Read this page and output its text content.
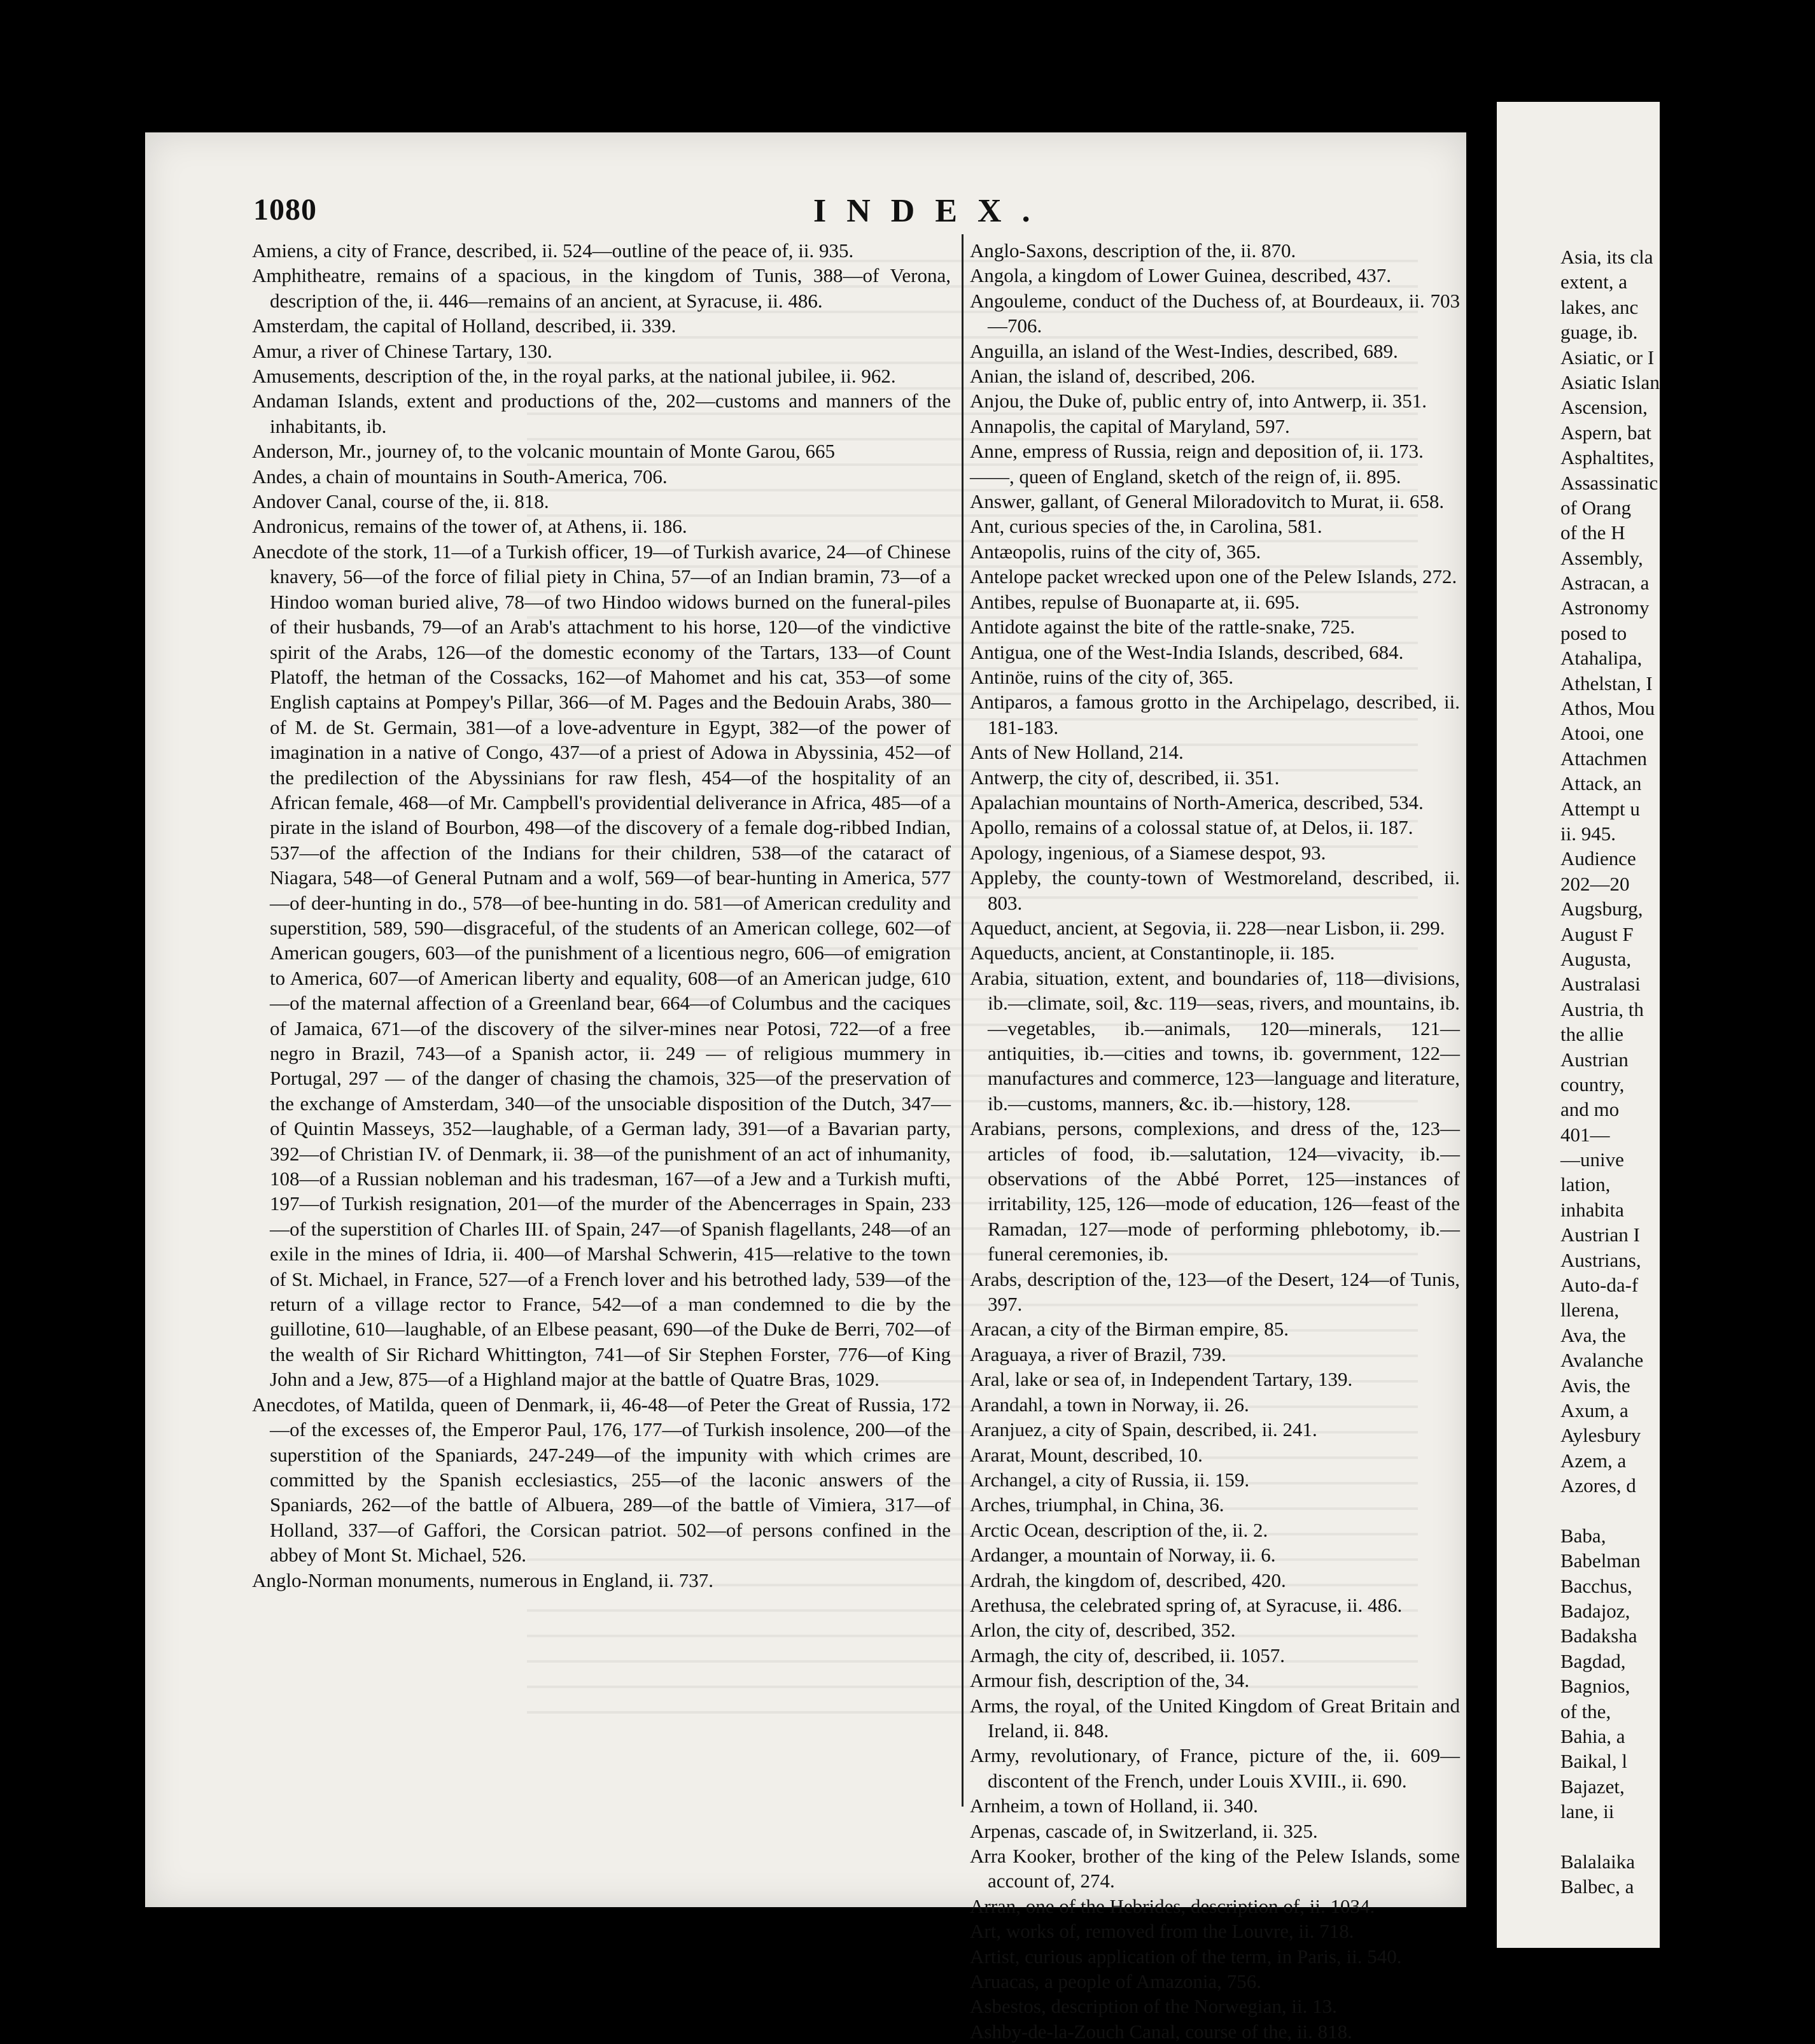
Asia, its cla
extent, a
lakes, anc
guage, ib.
Asiatic, or I
Asiatic Islan
Ascension,
Aspern, bat
Asphaltites,
Assassinatic
of Orang
of the H
Assembly,
Astracan, a
Astronomy
posed to
Atahalipa,
Athelstan, I
Athos, Mou
Atooi, one
Attachmen
Attack, an
Attempt u
ii. 945.
Audience
202—20
Augsburg,
August F
Augusta,
Australasi
Austria, th
the allie
Austrian
country,
and mo
401—
—unive
lation,
inhabita
Austrian I
Austrians,
Auto-da-f
llerena,
Ava, the
Avalanche
Avis, the
Axum, a
Aylesbury
Azem, a
Azores, d
Baba,
Babelman
Bacchus,
Badajoz,
Badaksha
Bagdad,
Bagnios,
of the,
Bahia, a
Baikal, l
Bajazet,
lane, ii
Balalaika
Balbec, a
1080	INDEX.

Amiens, a city of France, described, ii. 524—outline of the peace of, ii. 935.

Amphitheatre, remains of a spacious, in the kingdom of Tunis, 388—of Verona, description of the, ii. 446—remains of an ancient, at Syracuse, ii. 486.

Amsterdam, the capital of Holland, described, ii. 339.

Amur, a river of Chinese Tartary, 130.

Amusements, description of the, in the royal parks, at the national jubilee, ii. 962.

Andaman Islands, extent and productions of the, 202—customs and manners of the inhabitants, ib.

Anderson, Mr., journey of, to the volcanic mountain of Monte Garou, 665

Andes, a chain of mountains in South-America, 706.

Andover Canal, course of the, ii. 818.

Andronicus, remains of the tower of, at Athens, ii. 186.

Anecdote of the stork, 11—of a Turkish officer, 19—of Turkish avarice, 24—of Chinese knavery, 56—of the force of filial piety in China, 57—of an Indian bramin, 73—of a Hindoo woman buried alive, 78—of two Hindoo widows burned on the funeral-piles of their husbands, 79—of an Arab's attachment to his horse, 120—of the vindictive spirit of the Arabs, 126—of the domestic economy of the Tartars, 133—of Count Platoff, the hetman of the Cossacks, 162—of Mahomet and his cat, 353—of some English captains at Pompey's Pillar, 366—of M. Pages and the Bedouin Arabs, 380—of M. de St. Germain, 381—of a love-adventure in Egypt, 382—of the power of imagination in a native of Congo, 437—of a priest of Adowa in Abyssinia, 452—of the predilection of the Abyssinians for raw flesh, 454—of the hospitality of an African female, 468—of Mr. Campbell's providential deliverance in Africa, 485—of a pirate in the island of Bourbon, 498—of the discovery of a female dog-ribbed Indian, 537—of the affection of the Indians for their children, 538—of the cataract of Niagara, 548—of General Putnam and a wolf, 569—of bear-hunting in America, 577—of deer-hunting in do., 578—of bee-hunting in do. 581—of American credulity and superstition, 589, 590—disgraceful, of the students of an American college, 602—of American gougers, 603—of the punishment of a licentious negro, 606—of emigration to America, 607—of American liberty and equality, 608—of an American judge, 610—of the maternal affection of a Greenland bear, 664—of Columbus and the caciques of Jamaica, 671—of the discovery of the silver-mines near Potosi, 722—of a free negro in Brazil, 743—of a Spanish actor, ii. 249 — of religious mummery in Portugal, 297 — of the danger of chasing the chamois, 325—of the preservation of the exchange of Amsterdam, 340—of the unsociable disposition of the Dutch, 347—of Quintin Masseys, 352—laughable, of a German lady, 391—of a Bavarian party, 392—of Christian IV. of Denmark, ii. 38—of the punishment of an act of inhumanity, 108—of a Russian nobleman and his tradesman, 167—of a Jew and a Turkish mufti, 197—of Turkish resignation, 201—of the murder of the Abencerrages in Spain, 233—of the superstition of Charles III. of Spain, 247—of Spanish flagellants, 248—of an exile in the mines of Idria, ii. 400—of Marshal Schwerin, 415—relative to the town of St. Michael, in France, 527—of a French lover and his betrothed lady, 539—of the return of a village rector to France, 542—of a man condemned to die by the guillotine, 610—laughable, of an Elbese peasant, 690—of the Duke de Berri, 702—of the wealth of Sir Richard Whittington, 741—of Sir Stephen Forster, 776—of King John and a Jew, 875—of a Highland major at the battle of Quatre Bras, 1029.

Anecdotes, of Matilda, queen of Denmark, ii, 46-48—of Peter the Great of Russia, 172—of the excesses of, the Emperor Paul, 176, 177—of Turkish insolence, 200—of the superstition of the Spaniards, 247-249—of the impunity with which crimes are committed by the Spanish ecclesiastics, 255—of the laconic answers of the Spaniards, 262—of the battle of Albuera, 289—of the battle of Vimiera, 317—of Holland, 337—of Gaffori, the Corsican patriot. 502—of persons confined in the abbey of Mont St. Michael, 526.

Anglo-Norman monuments, numerous in England, ii. 737.

Anglo-Saxons, description of the, ii. 870.

Angola, a kingdom of Lower Guinea, described, 437.

Angouleme, conduct of the Duchess of, at Bourdeaux, ii. 703—706.

Anguilla, an island of the West-Indies, described, 689.

Anian, the island of, described, 206.

Anjou, the Duke of, public entry of, into Antwerp, ii. 351.

Annapolis, the capital of Maryland, 597.

Anne, empress of Russia, reign and deposition of, ii. 173.

——, queen of England, sketch of the reign of, ii. 895.

Answer, gallant, of General Miloradovitch to Murat, ii. 658.

Ant, curious species of the, in Carolina, 581.

Antæopolis, ruins of the city of, 365.

Antelope packet wrecked upon one of the Pelew Islands, 272.

Antibes, repulse of Buonaparte at, ii. 695.

Antidote against the bite of the rattle-snake, 725.

Antigua, one of the West-India Islands, described, 684.

Antinöe, ruins of the city of, 365.

Antiparos, a famous grotto in the Archipelago, described, ii. 181-183.

Ants of New Holland, 214.

Antwerp, the city of, described, ii. 351.

Apalachian mountains of North-America, described, 534.

Apollo, remains of a colossal statue of, at Delos, ii. 187.

Apology, ingenious, of a Siamese despot, 93.

Appleby, the county-town of Westmoreland, described, ii. 803.

Aqueduct, ancient, at Segovia, ii. 228—near Lisbon, ii. 299.

Aqueducts, ancient, at Constantinople, ii. 185.

Arabia, situation, extent, and boundaries of, 118—divisions, ib.—climate, soil, &c. 119—seas, rivers, and mountains, ib.—vegetables, ib.—animals, 120—minerals, 121—antiquities, ib.—cities and towns, ib. government, 122—manufactures and commerce, 123—language and literature, ib.—customs, manners, &c. ib.—history, 128.

Arabians, persons, complexions, and dress of the, 123—articles of food, ib.—salutation, 124—vivacity, ib.—observations of the Abbé Porret, 125—instances of irritability, 125, 126—mode of education, 126—feast of the Ramadan, 127—mode of performing phlebotomy, ib.—funeral ceremonies, ib.

Arabs, description of the, 123—of the Desert, 124—of Tunis, 397.

Aracan, a city of the Birman empire, 85.

Araguaya, a river of Brazil, 739.

Aral, lake or sea of, in Independent Tartary, 139.

Arandahl, a town in Norway, ii. 26.

Aranjuez, a city of Spain, described, ii. 241.

Ararat, Mount, described, 10.

Archangel, a city of Russia, ii. 159.

Arches, triumphal, in China, 36.

Arctic Ocean, description of the, ii. 2.

Ardanger, a mountain of Norway, ii. 6.

Ardrah, the kingdom of, described, 420.

Arethusa, the celebrated spring of, at Syracuse, ii. 486.

Arlon, the city of, described, 352.

Armagh, the city of, described, ii. 1057.

Armour fish, description of the, 34.

Arms, the royal, of the United Kingdom of Great Britain and Ireland, ii. 848.

Army, revolutionary, of France, picture of the, ii. 609—discontent of the French, under Louis XVIII., ii. 690.

Arnheim, a town of Holland, ii. 340.

Arpenas, cascade of, in Switzerland, ii. 325.

Arra Kooker, brother of the king of the Pelew Islands, some account of, 274.

Arran, one of the Hebrides, description of, ii. 1034.

Art, works of, removed from the Louvre, ii. 718.

Artist, curious application of the term, in Paris, ii. 540.

Aruacas, a people of Amazonia, 756.

Asbestos, description of the Norwegian, ii. 13.

Ashby-de-la-Zouch Canal, course of the, ii. 818.
